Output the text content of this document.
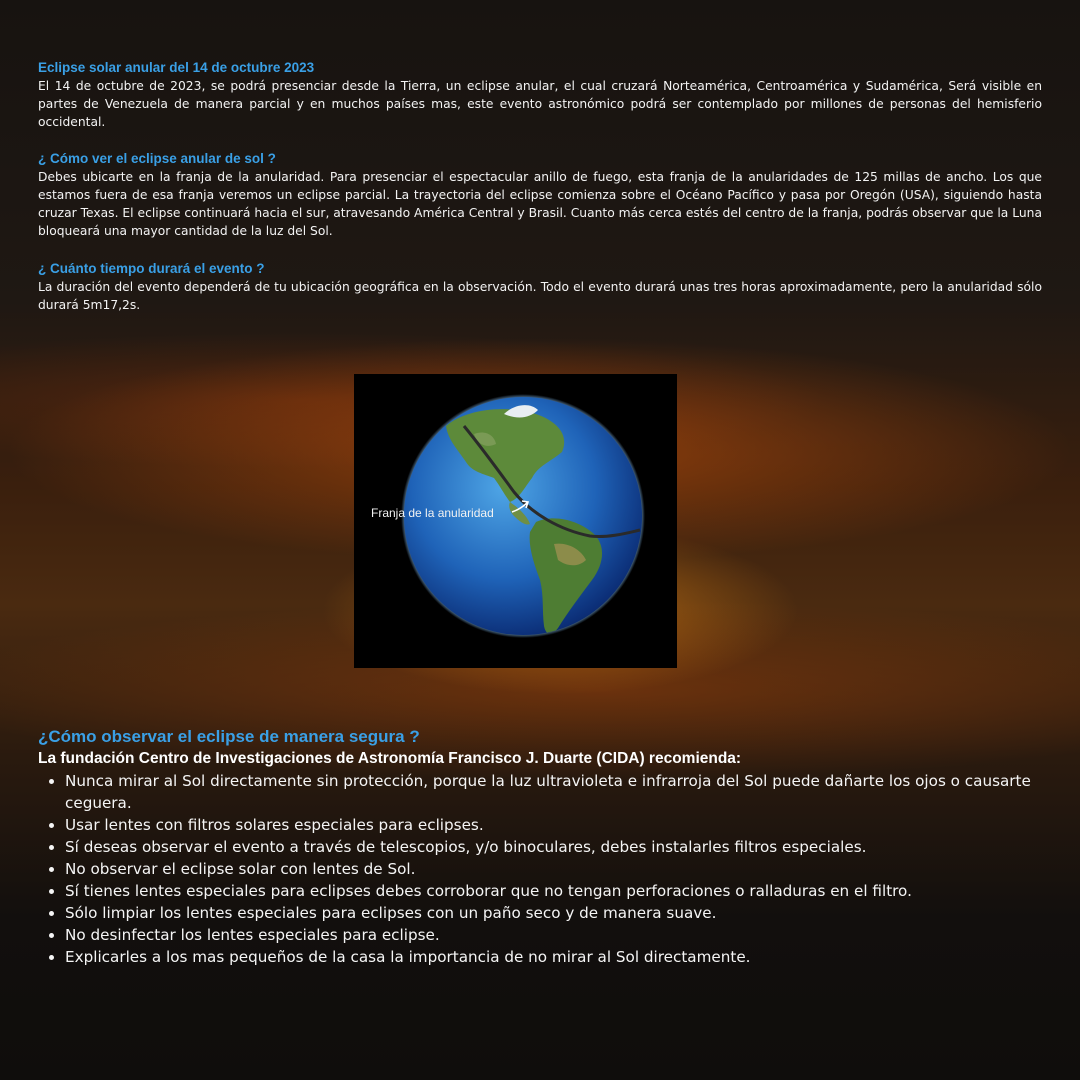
Eclipse solar anular del 14 de octubre 2023

El 14 de octubre de 2023, se podrá presenciar desde la Tierra, un eclipse anular, el cual cruzará Norteamérica, Centroamérica y Sudamérica, Será visible en partes de Venezuela de manera parcial y en muchos países mas, este evento astronómico podrá ser contemplado por millones de personas del hemisferio occidental.

¿ Cómo ver el eclipse anular de sol ?

Debes ubicarte en la franja de la anularidad. Para presenciar el espectacular anillo de fuego, esta franja de la anularidades de 125 millas de ancho. Los que estamos fuera de esa franja veremos un eclipse parcial. La trayectoria del eclipse comienza sobre el Océano Pacífico y pasa por Oregón (USA), siguiendo hasta cruzar Texas. El eclipse continuará hacia el sur, atravesando América Central y Brasil. Cuanto más cerca estés del centro de la franja, podrás observar que la Luna bloqueará una mayor cantidad de la luz del Sol.

¿ Cuánto tiempo durará el evento ?

La duración del evento dependerá de tu ubicación geográfica en la observación. Todo el evento durará unas tres horas aproximadamente, pero la anularidad sólo durará 5m17,2s.

Franja de la anularidad

¿Cómo observar el eclipse de manera segura ?

La fundación Centro de Investigaciones de Astronomía Francisco J. Duarte (CIDA) recomienda:

• Nunca mirar al Sol directamente sin protección, porque la luz ultravioleta e infrarroja del Sol puede dañarte los ojos o causarte ceguera.
• Usar lentes con filtros solares especiales para eclipses.
• Sí deseas observar el evento a través de telescopios, y/o binoculares, debes instalarles filtros especiales.
• No observar el eclipse solar con lentes de Sol.
• Sí tienes lentes especiales para eclipses debes corroborar que no tengan perforaciones o ralladuras en el filtro.
• Sólo limpiar los lentes especiales para eclipses con un paño seco y de manera suave.
• No desinfectar los lentes especiales para eclipse.
• Explicarles a los mas pequeños de la casa la importancia de no mirar al Sol directamente.
